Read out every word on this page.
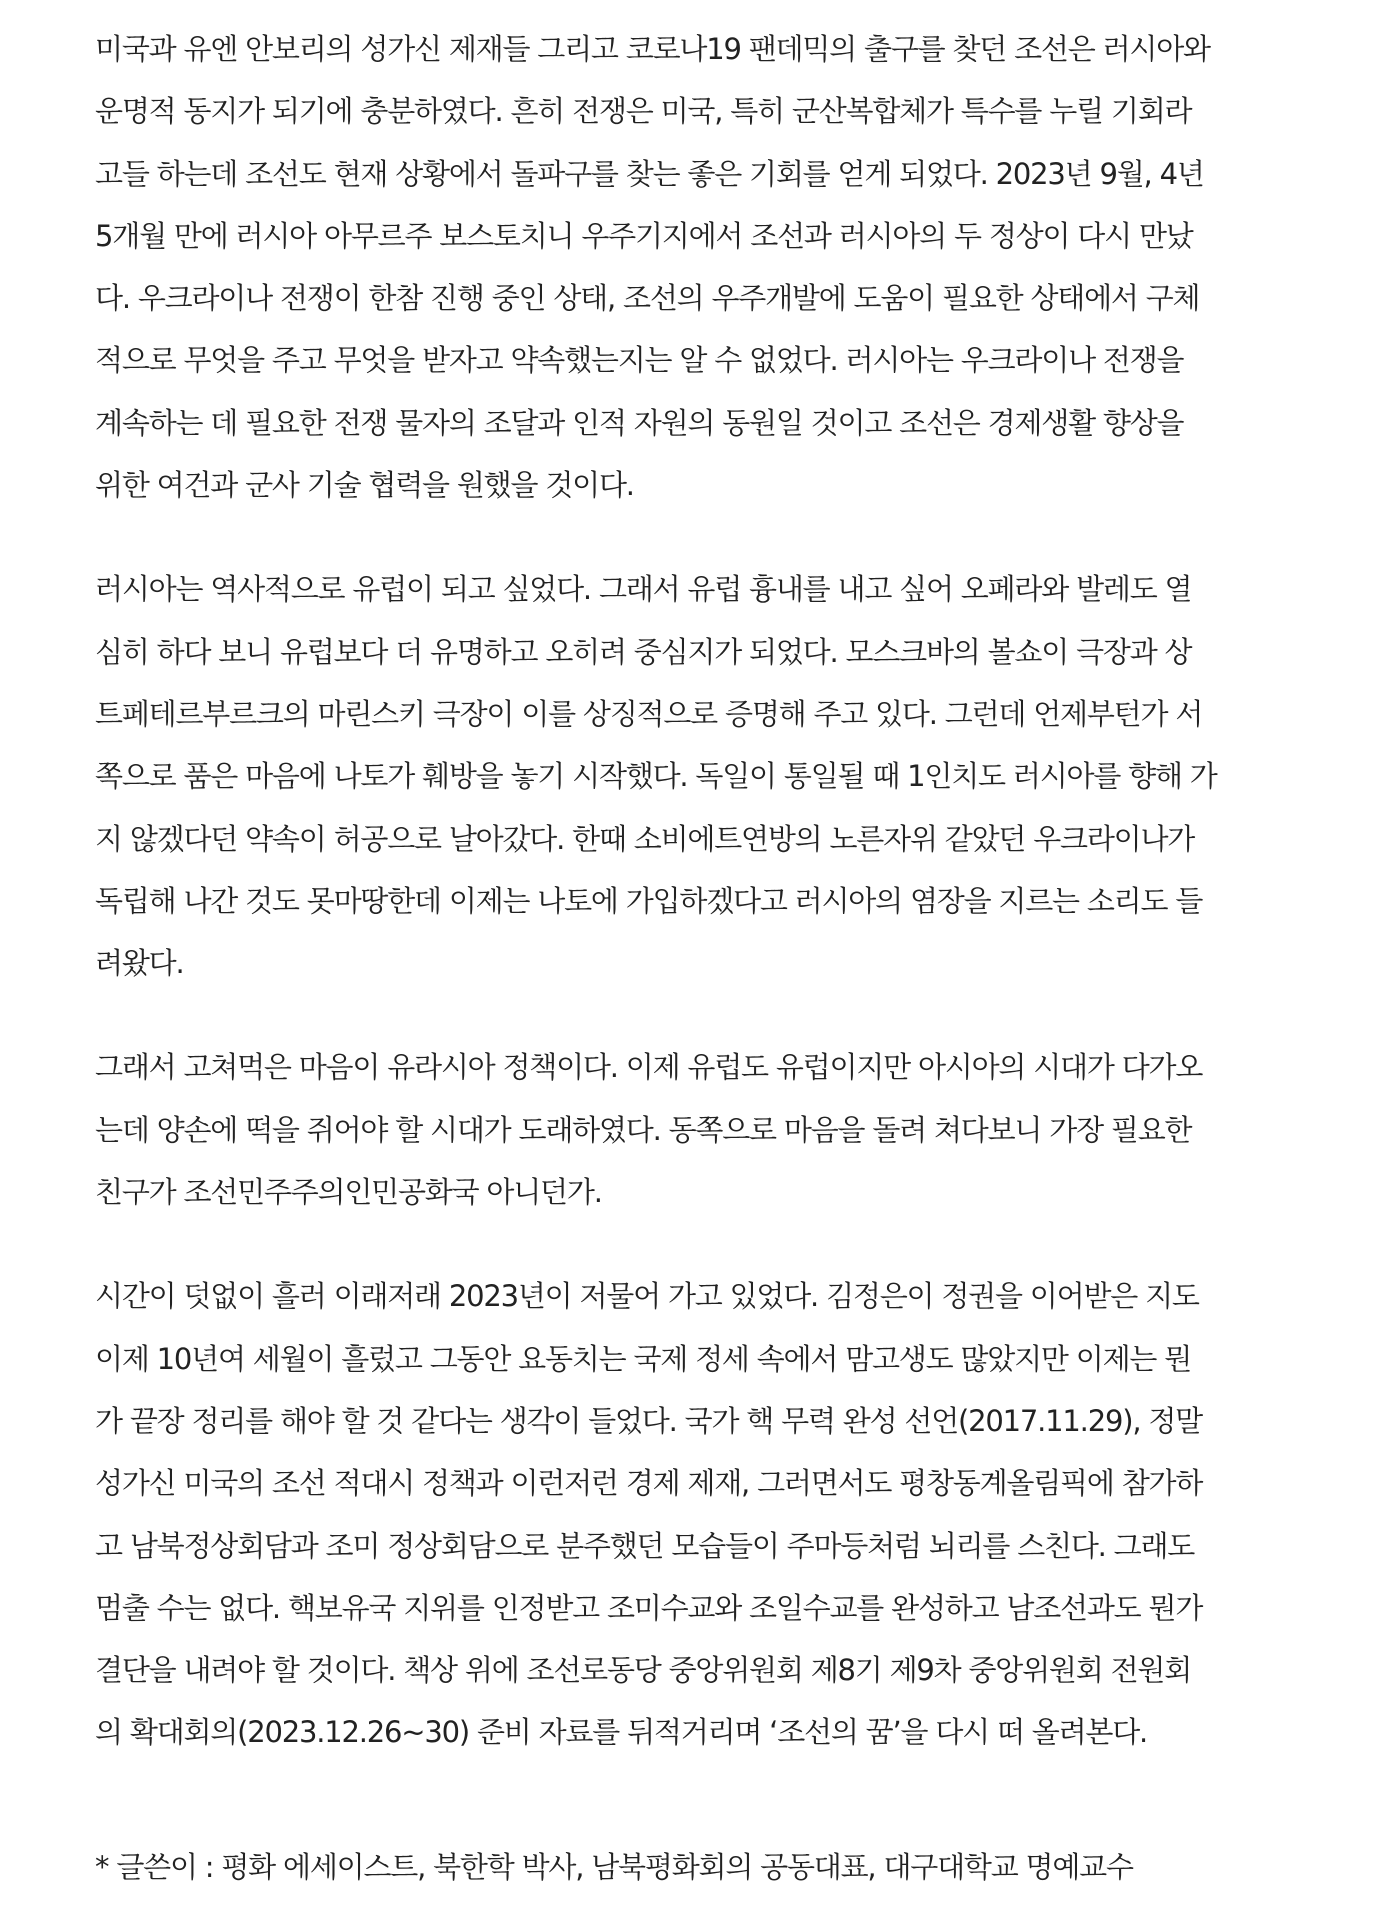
미국과 유엔 안보리의 성가신 제재들 그리고 코로나19 팬데믹의 출구를 찾던 조선은 러시아와
운명적 동지가 되기에 충분하였다. 흔히 전쟁은 미국, 특히 군산복합체가 특수를 누릴 기회라
고들 하는데 조선도 현재 상황에서 돌파구를 찾는 좋은 기회를 얻게 되었다. 2023년 9월, 4년
5개월 만에 러시아 아무르주 보스토치니 우주기지에서 조선과 러시아의 두 정상이 다시 만났
다. 우크라이나 전쟁이 한참 진행 중인 상태, 조선의 우주개발에 도움이 필요한 상태에서 구체
적으로 무엇을 주고 무엇을 받자고 약속했는지는 알 수 없었다. 러시아는 우크라이나 전쟁을
계속하는 데 필요한 전쟁 물자의 조달과 인적 자원의 동원일 것이고 조선은 경제생활 향상을
위한 여건과 군사 기술 협력을 원했을 것이다.

러시아는 역사적으로 유럽이 되고 싶었다. 그래서 유럽 흉내를 내고 싶어 오페라와 발레도 열
심히 하다 보니 유럽보다 더 유명하고 오히려 중심지가 되었다. 모스크바의 볼쇼이 극장과 상
트페테르부르크의 마린스키 극장이 이를 상징적으로 증명해 주고 있다. 그런데 언제부턴가 서
쪽으로 품은 마음에 나토가 훼방을 놓기 시작했다. 독일이 통일될 때 1인치도 러시아를 향해 가
지 않겠다던 약속이 허공으로 날아갔다. 한때 소비에트연방의 노른자위 같았던 우크라이나가
독립해 나간 것도 못마땅한데 이제는 나토에 가입하겠다고 러시아의 염장을 지르는 소리도 들
려왔다.

그래서 고쳐먹은 마음이 유라시아 정책이다. 이제 유럽도 유럽이지만 아시아의 시대가 다가오
는데 양손에 떡을 쥐어야 할 시대가 도래하였다. 동쪽으로 마음을 돌려 쳐다보니 가장 필요한
친구가 조선민주주의인민공화국 아니던가.

시간이 덧없이 흘러 이래저래 2023년이 저물어 가고 있었다. 김정은이 정권을 이어받은 지도
이제 10년여 세월이 흘렀고 그동안 요동치는 국제 정세 속에서 맘고생도 많았지만 이제는 뭔
가 끝장 정리를 해야 할 것 같다는 생각이 들었다. 국가 핵 무력 완성 선언(2017.11.29), 정말
성가신 미국의 조선 적대시 정책과 이런저런 경제 제재, 그러면서도 평창동계올림픽에 참가하
고 남북정상회담과 조미 정상회담으로 분주했던 모습들이 주마등처럼 뇌리를 스친다. 그래도
멈출 수는 없다. 핵보유국 지위를 인정받고 조미수교와 조일수교를 완성하고 남조선과도 뭔가
결단을 내려야 할 것이다. 책상 위에 조선로동당 중앙위원회 제8기 제9차 중앙위원회 전원회
의 확대회의(2023.12.26~30) 준비 자료를 뒤적거리며 ‘조선의 꿈’을 다시 떠 올려본다.

* 글쓴이 : 평화 에세이스트, 북한학 박사, 남북평화회의 공동대표, 대구대학교 명예교수
